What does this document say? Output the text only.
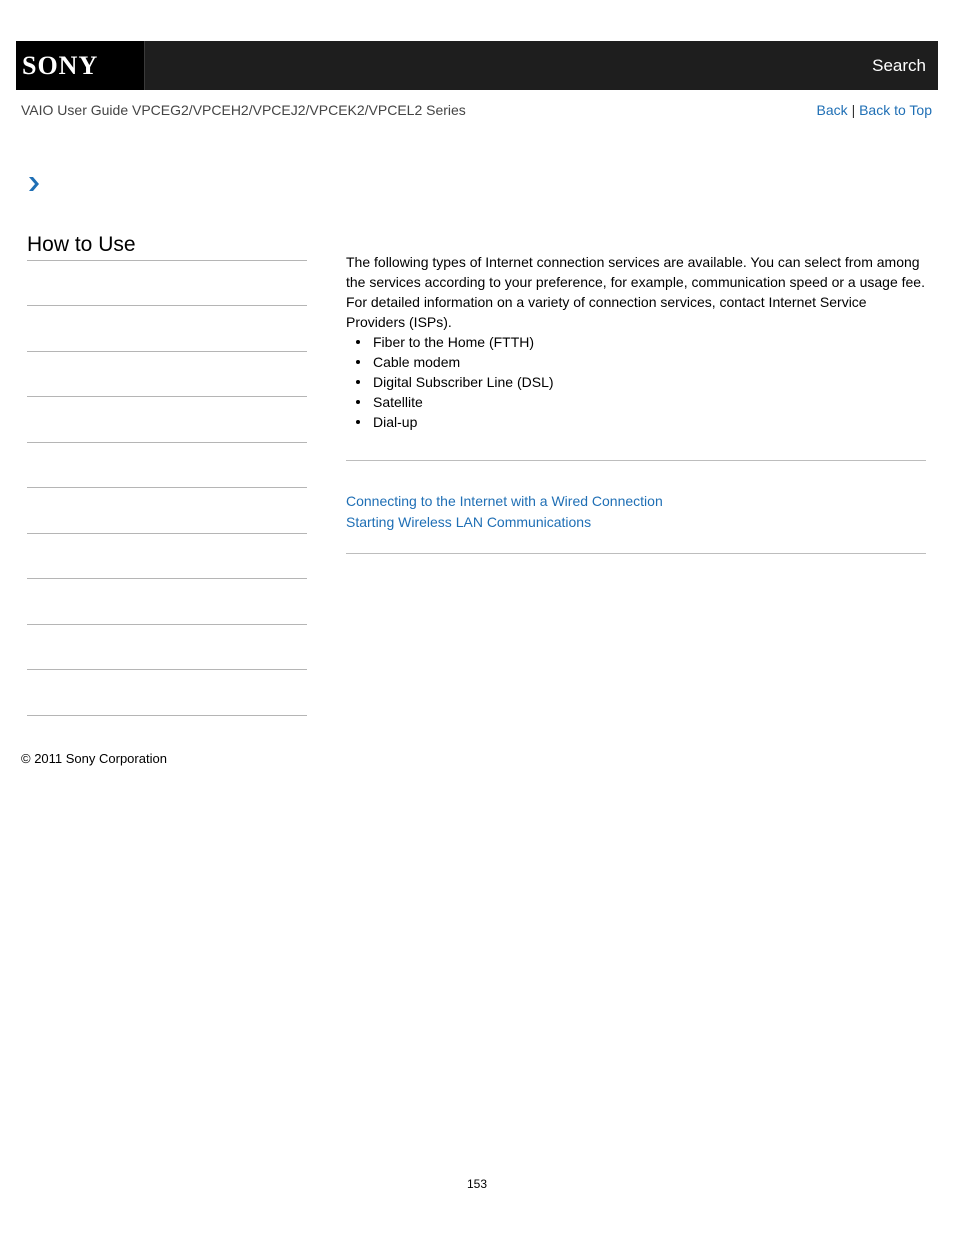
SONY	Search
VAIO User Guide VPCEG2/VPCEH2/VPCEJ2/VPCEK2/VPCEL2 Series	Back | Back to Top
How to Use

The following types of Internet connection services are available. You can select from among the services according to your preference, for example, communication speed or a usage fee. For detailed information on a variety of connection services, contact Internet Service Providers (ISPs).

Fiber to the Home (FTTH)
Cable modem
Digital Subscriber Line (DSL)
Satellite
Dial-up
Connecting to the Internet with a Wired Connection
Starting Wireless LAN Communications
© 2011 Sony Corporation
153
